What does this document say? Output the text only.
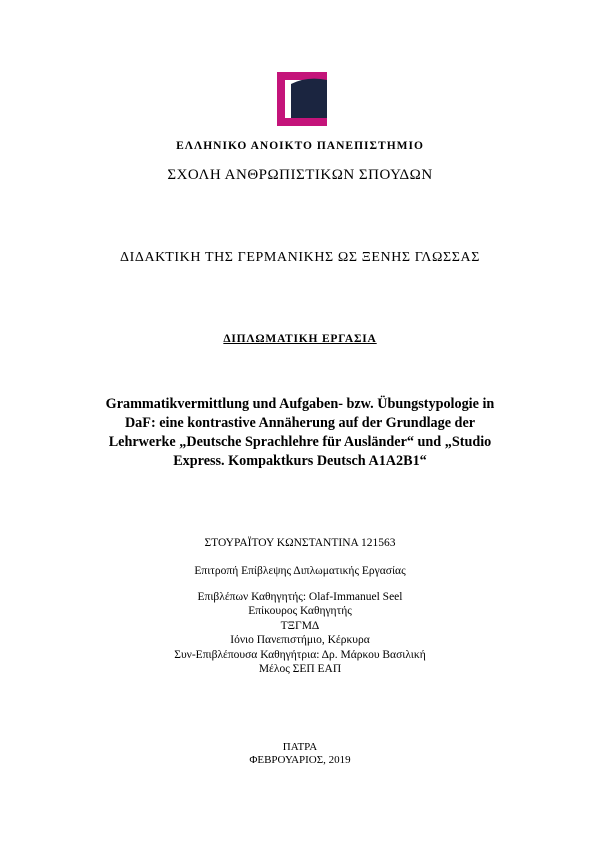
ΕΛΛΗΝΙΚΟ ΑΝΟΙΚΤΟ ΠΑΝΕΠΙΣΤΗΜΙΟ
ΣΧΟΛΗ ΑΝΘΡΩΠΙΣΤΙΚΩΝ ΣΠΟΥΔΩΝ
ΔΙΔΑΚΤΙΚΗ ΤΗΣ ΓΕΡΜΑΝΙΚΗΣ ΩΣ ΞΕΝΗΣ ΓΛΩΣΣΑΣ
ΔΙΠΛΩΜΑΤΙΚΗ ΕΡΓΑΣΙΑ
Grammatikvermittlung und Aufgaben- bzw. Übungstypologie in
DaF: eine kontrastive Annäherung auf der Grundlage der
Lehrwerke „Deutsche Sprachlehre für Ausländer“ und „Studio
Express. Kompaktkurs Deutsch A1A2B1“
ΣΤΟΥΡΑΪΤΟΥ ΚΩΝΣΤΑΝΤΙΝΑ 121563
Επιτροπή Επίβλεψης Διπλωματικής Εργασίας
Επιβλέπων Καθηγητής: Olaf-Immanuel Seel
Επίκουρος Καθηγητής
ΤΞΓΜΔ
Ιόνιο Πανεπιστήμιο, Κέρκυρα
Συν-Επιβλέπουσα Καθηγήτρια: Δρ. Μάρκου Βασιλική
Μέλος ΣΕΠ ΕΑΠ
ΠΑΤΡΑ
ΦΕΒΡΟΥΑΡΙΟΣ, 2019
